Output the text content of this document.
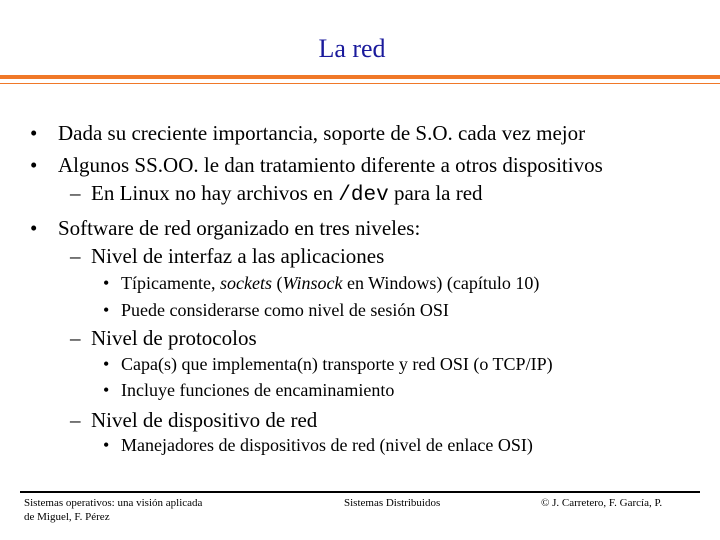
La red
• Dada su creciente importancia, soporte de S.O. cada vez mejor
• Algunos SS.OO. le dan tratamiento diferente a otros dispositivos
– En Linux no hay archivos en /dev para la red
• Software de red organizado en tres niveles:
– Nivel de interfaz a las aplicaciones
• Típicamente, sockets (Winsock en Windows) (capítulo 10)
• Puede considerarse como nivel de sesión OSI
– Nivel de protocolos
• Capa(s) que implementa(n) transporte y red OSI (o TCP/IP)
• Incluye funciones de encaminamiento
– Nivel de dispositivo de red
• Manejadores de dispositivos de red (nivel de enlace OSI)
Sistemas operativos: una visión aplicada
de Miguel, F. Pérez
Sistemas Distribuidos	© J. Carretero, F. García, P.
